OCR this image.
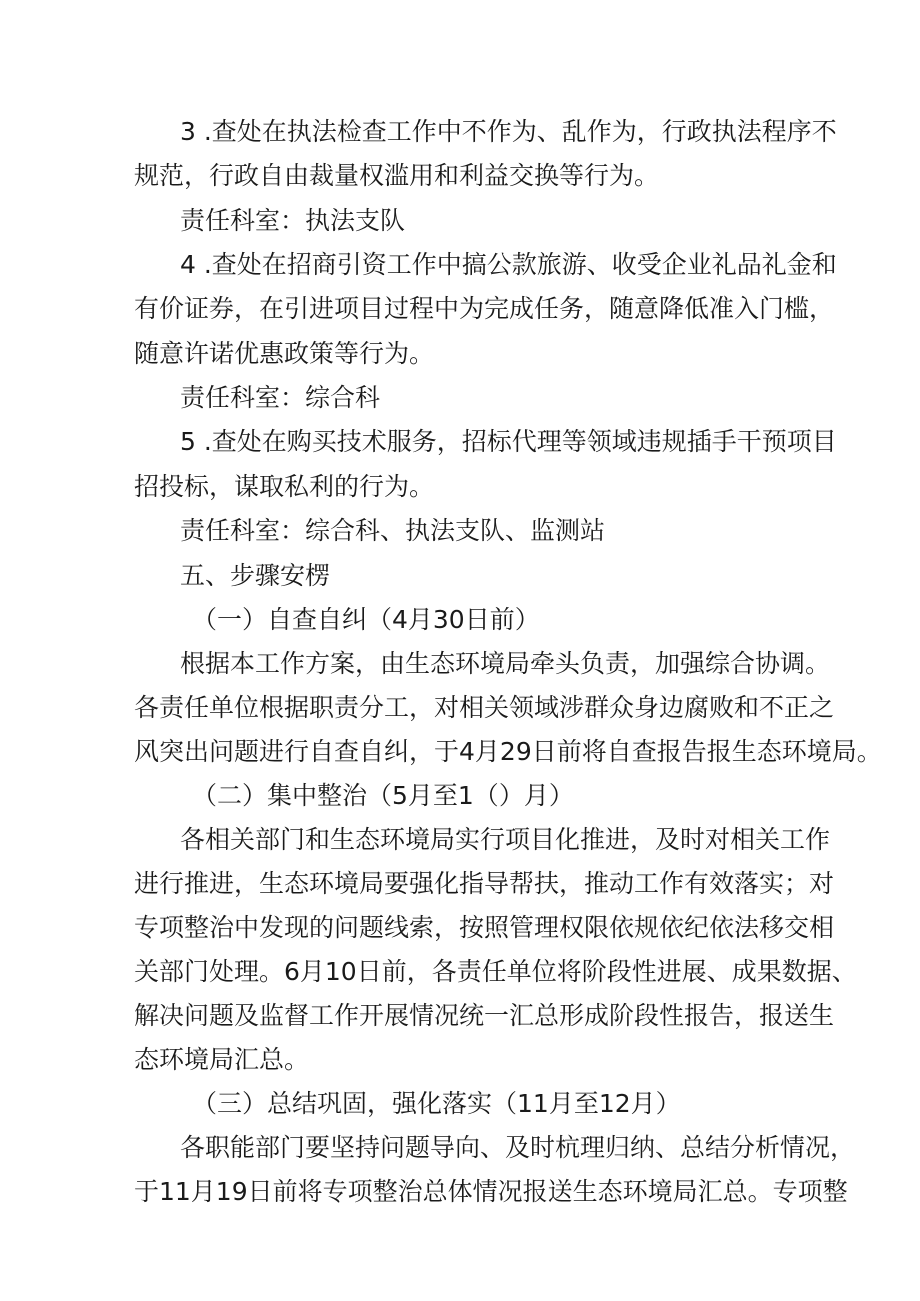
3 .查处在执法检查工作中不作为、乱作为，行政执法程序不
规范，行政自由裁量权滥用和利益交换等行为。
责任科室：执法支队
4 .查处在招商引资工作中搞公款旅游、收受企业礼品礼金和
有价证券，在引进项目过程中为完成任务，随意降低准入门槛，
随意许诺优惠政策等行为。
责任科室：综合科
5 .查处在购买技术服务，招标代理等领域违规插手干预项目
招投标，谋取私利的行为。
责任科室：综合科、执法支队、监测站
五、步骤安楞
（一）自查自纠（4月30日前）
根据本工作方案，由生态环境局牵头负责，加强综合协调。
各责任单位根据职责分工，对相关领域涉群众身边腐败和不正之
风突出问题进行自查自纠，于4月29日前将自查报告报生态环境局。
（二）集中整治（5月至1（）月）
各相关部门和生态环境局实行项目化推进，及时对相关工作
进行推进，生态环境局要强化指导帮扶，推动工作有效落实；对
专项整治中发现的问题线索，按照管理权限依规依纪依法移交相
关部门处理。6月10日前，各责任单位将阶段性进展、成果数据、
解决问题及监督工作开展情况统一汇总形成阶段性报告，报送生
态环境局汇总。
（三）总结巩固，强化落实（11月至12月）
各职能部门要坚持问题导向、及时杭理归纳、总结分析情况，
于11月19日前将专项整治总体情况报送生态环境局汇总。专项整
